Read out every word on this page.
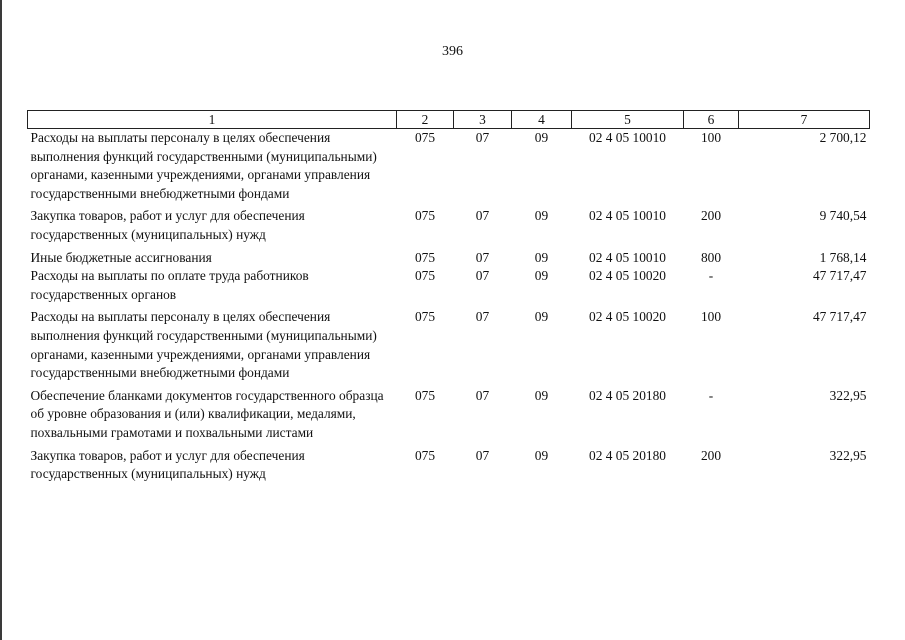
396
1	2	3	4	5	6	7
Расходы на выплаты персоналу в целях обеспечения выполнения функций государственными (муниципальными) органами, казенными учреждениями, органами управления государственными внебюджетными фондами	075	07	09	02 4 05 10010	100	2 700,12
Закупка товаров, работ и услуг для обеспечения государственных (муниципальных) нужд	075	07	09	02 4 05 10010	200	9 740,54
Иные бюджетные ассигнования	075	07	09	02 4 05 10010	800	1 768,14
Расходы на выплаты по оплате труда работников государственных органов	075	07	09	02 4 05 10020	-	47 717,47
Расходы на выплаты персоналу в целях обеспечения выполнения функций государственными (муниципальными) органами, казенными учреждениями, органами управления государственными внебюджетными фондами	075	07	09	02 4 05 10020	100	47 717,47
Обеспечение бланками документов государственного образца об уровне образования и (или) квалификации, медалями, похвальными грамотами и похвальными листами	075	07	09	02 4 05 20180	-	322,95
Закупка товаров, работ и услуг для обеспечения государственных (муниципальных) нужд	075	07	09	02 4 05 20180	200	322,95
